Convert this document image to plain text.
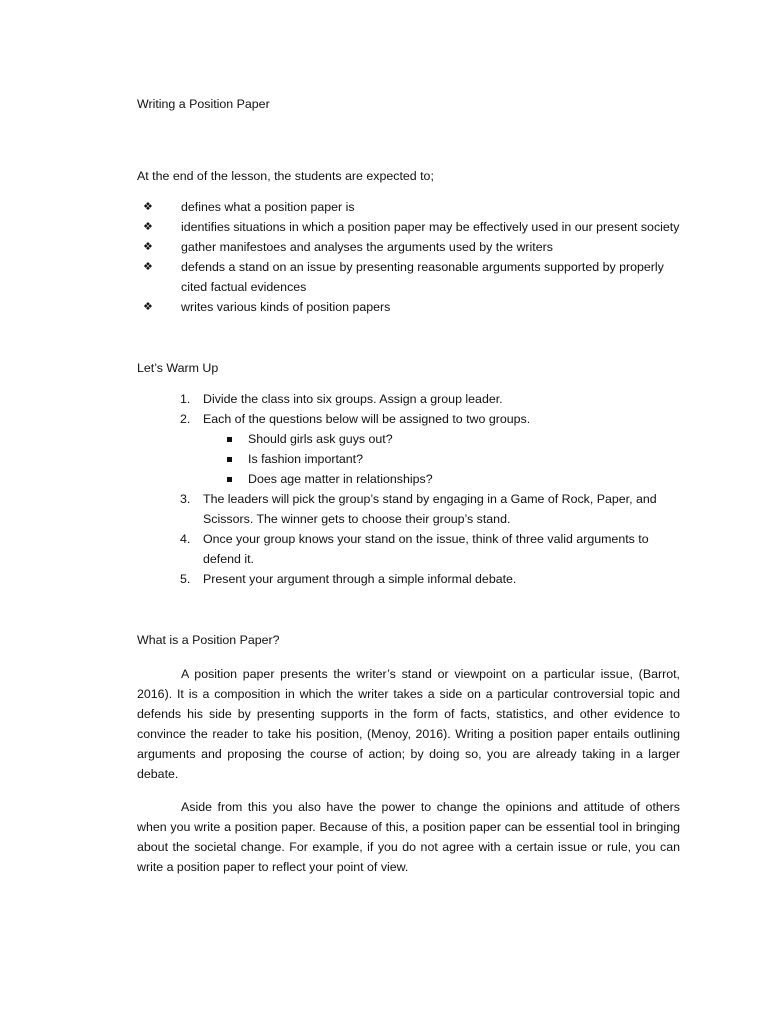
Writing a Position Paper
At the end of the lesson, the students are expected to;
❖ defines what a position paper is
❖ identifies situations in which a position paper may be effectively used in our present society
❖ gather manifestoes and analyses the arguments used by the writers
❖ defends a stand on an issue by presenting reasonable arguments supported by properly cited factual evidences
❖ writes various kinds of position papers
Let’s Warm Up
1. Divide the class into six groups. Assign a group leader.
2. Each of the questions below will be assigned to two groups.
Should girls ask guys out?
Is fashion important?
Does age matter in relationships?
3. The leaders will pick the group’s stand by engaging in a Game of Rock, Paper, and Scissors. The winner gets to choose their group’s stand.
4. Once your group knows your stand on the issue, think of three valid arguments to defend it.
5. Present your argument through a simple informal debate.
What is a Position Paper?

A position paper presents the writer’s stand or viewpoint on a particular issue, (Barrot, 2016). It is a composition in which the writer takes a side on a particular controversial topic and defends his side by presenting supports in the form of facts, statistics, and other evidence to convince the reader to take his position, (Menoy, 2016). Writing a position paper entails outlining arguments and proposing the course of action; by doing so, you are already taking in a larger debate.

Aside from this you also have the power to change the opinions and attitude of others when you write a position paper. Because of this, a position paper can be essential tool in bringing about the societal change. For example, if you do not agree with a certain issue or rule, you can write a position paper to reflect your point of view.
